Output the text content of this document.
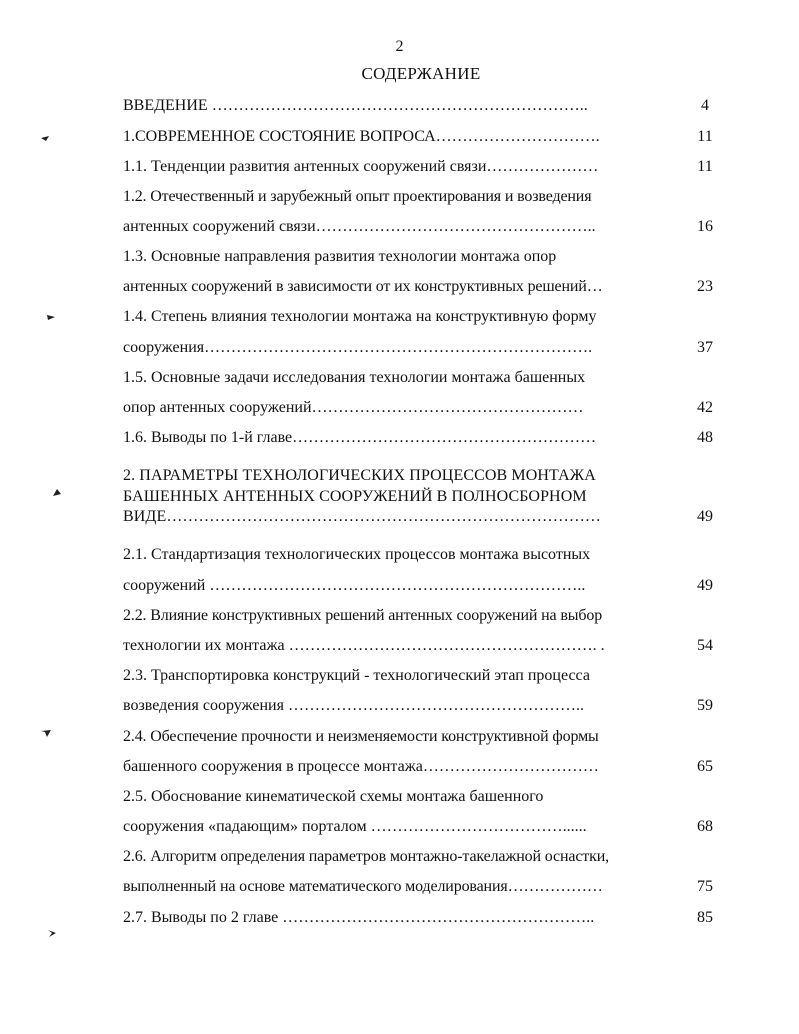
2
СОДЕРЖАНИЕ
ВВЕДЕНИЕ ……………………………………………………………..	4
1.СОВРЕМЕННОЕ СОСТОЯНИЕ ВОПРОСА………………………….	11
1.1. Тенденции развития антенных сооружений связи…………………	11
1.2. Отечественный и зарубежный опыт проектирования и возведения
антенных сооружений связи……………………………………………..	16
1.3. Основные направления развития технологии монтажа опор
антенных сооружений в зависимости от их конструктивных решений…	23
1.4. Степень влияния технологии монтажа на конструктивную форму
сооружения……………………………………………………………….	37
1.5. Основные задачи исследования технологии монтажа башенных
опор антенных сооружений……………………………………………	42
1.6. Выводы по 1-й главе…………………………………………………	48
2. ПАРАМЕТРЫ ТЕХНОЛОГИЧЕСКИХ ПРОЦЕССОВ МОНТАЖА
БАШЕННЫХ АНТЕННЫХ СООРУЖЕНИЙ В ПОЛНОСБОРНОМ
ВИДЕ………………………………………………………………………	49
2.1. Стандартизация технологических процессов монтажа высотных
сооружений ……………………………………………………………..	49
2.2. Влияние конструктивных решений антенных сооружений на выбор
технологии их монтажа …………………………………………………. .	54
2.3. Транспортировка конструкций - технологический этап процесса
возведения сооружения ………………………………………………..	59
2.4. Обеспечение прочности и неизменяемости конструктивной формы
башенного сооружения в процессе монтажа……………………………	65
2.5. Обоснование кинематической схемы монтажа башенного
сооружения «падающим» порталом ………………………………......	68
2.6. Алгоритм определения параметров монтажно-такелажной оснастки,
выполненный на основе математического моделирования………………	75
2.7. Выводы по 2 главе …………………………………………………..	85
